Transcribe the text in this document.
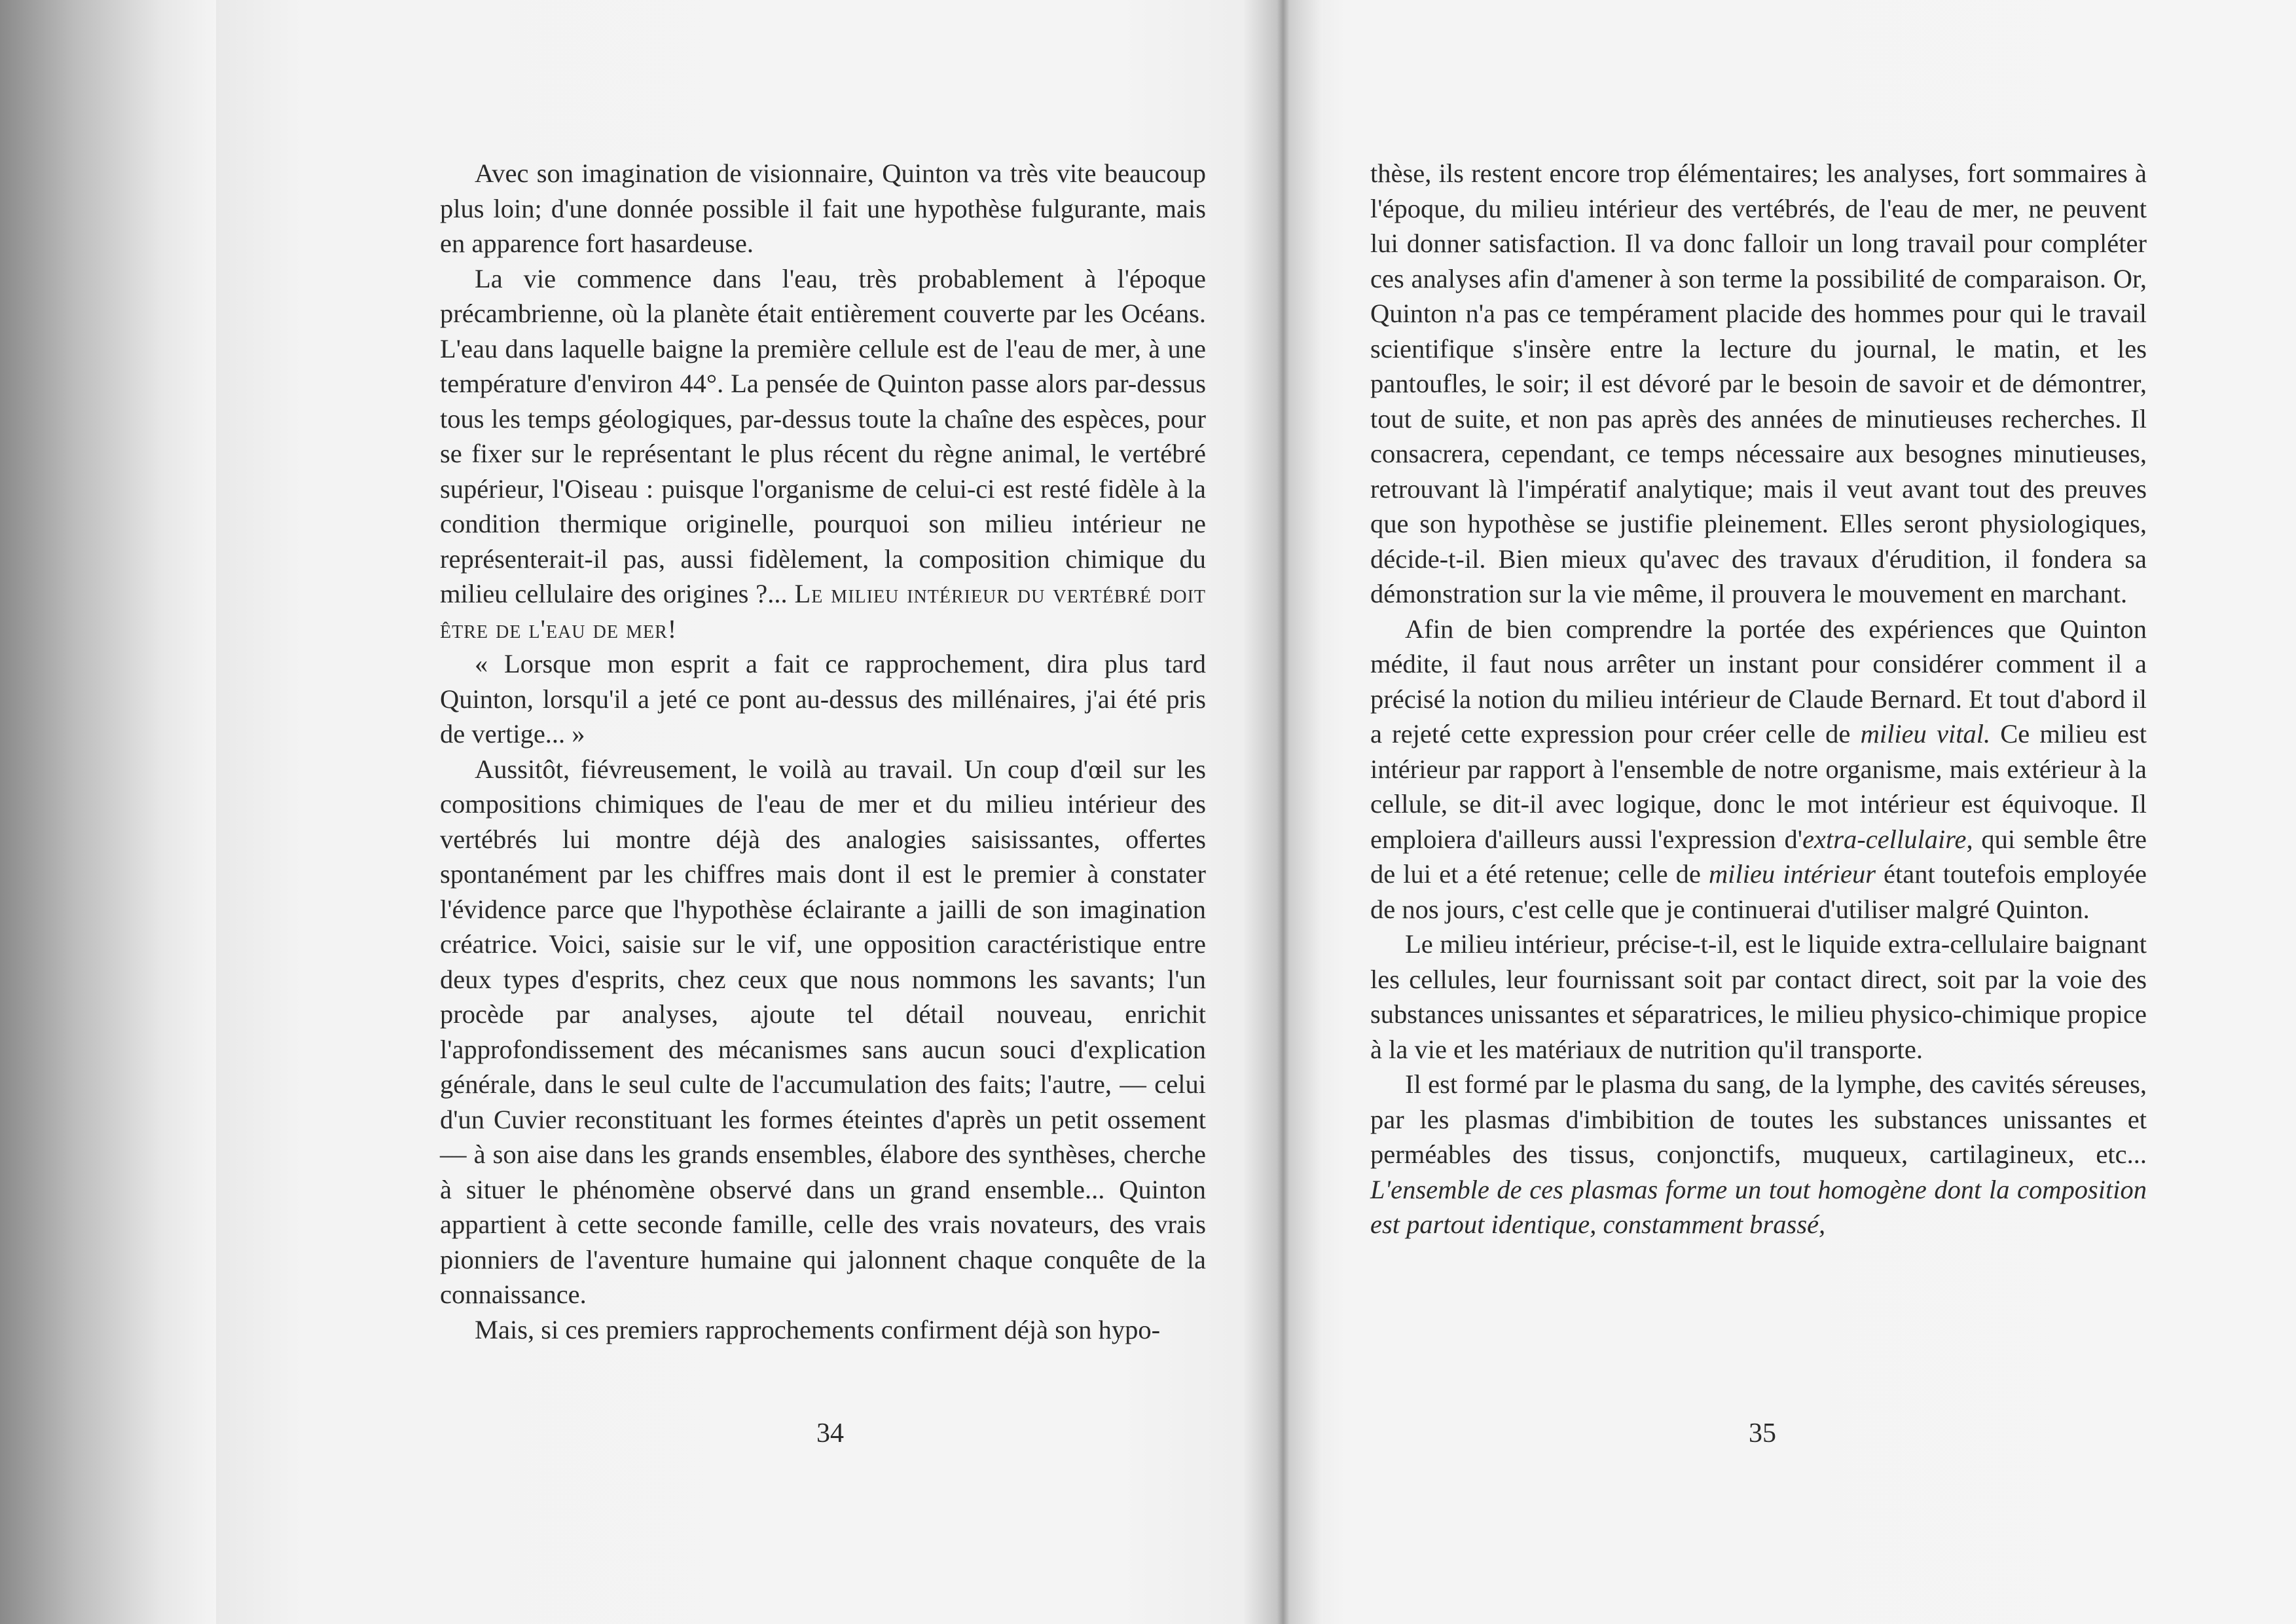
Avec son imagination de visionnaire, Quinton va très vite beaucoup plus loin; d'une donnée possible il fait une hypothèse fulgurante, mais en apparence fort hasardeuse.

La vie commence dans l'eau, très probablement à l'époque précambrienne, où la planète était entièrement couverte par les Océans. L'eau dans laquelle baigne la première cellule est de l'eau de mer, à une température d'environ 44°. La pensée de Quinton passe alors par-dessus tous les temps géologiques, par-dessus toute la chaîne des espèces, pour se fixer sur le représentant le plus récent du règne animal, le vertébré supérieur, l'Oiseau : puisque l'organisme de celui-ci est resté fidèle à la condition thermique originelle, pourquoi son milieu intérieur ne représenterait-il pas, aussi fidèlement, la composition chimique du milieu cellulaire des origines ?... Le milieu intérieur du vertébré doit être de l'eau de mer!

« Lorsque mon esprit a fait ce rapprochement, dira plus tard Quinton, lorsqu'il a jeté ce pont au-dessus des millénaires, j'ai été pris de vertige... »

Aussitôt, fiévreusement, le voilà au travail. Un coup d'œil sur les compositions chimiques de l'eau de mer et du milieu intérieur des vertébrés lui montre déjà des analogies saisissantes, offertes spontanément par les chiffres mais dont il est le premier à constater l'évidence parce que l'hypothèse éclairante a jailli de son imagination créatrice. Voici, saisie sur le vif, une opposition caractéristique entre deux types d'esprits, chez ceux que nous nommons les savants; l'un procède par analyses, ajoute tel détail nouveau, enrichit l'approfondissement des mécanismes sans aucun souci d'explication générale, dans le seul culte de l'accumulation des faits; l'autre, — celui d'un Cuvier reconstituant les formes éteintes d'après un petit ossement — à son aise dans les grands ensembles, élabore des synthèses, cherche à situer le phénomène observé dans un grand ensemble... Quinton appartient à cette seconde famille, celle des vrais novateurs, des vrais pionniers de l'aventure humaine qui jalonnent chaque conquête de la connaissance.

Mais, si ces premiers rapprochements confirment déjà son hypo-

34

thèse, ils restent encore trop élémentaires; les analyses, fort sommaires à l'époque, du milieu intérieur des vertébrés, de l'eau de mer, ne peuvent lui donner satisfaction. Il va donc falloir un long travail pour compléter ces analyses afin d'amener à son terme la possibilité de comparaison. Or, Quinton n'a pas ce tempérament placide des hommes pour qui le travail scientifique s'insère entre la lecture du journal, le matin, et les pantoufles, le soir; il est dévoré par le besoin de savoir et de démontrer, tout de suite, et non pas après des années de minutieuses recherches. Il consacrera, cependant, ce temps nécessaire aux besognes minutieuses, retrouvant là l'impératif analytique; mais il veut avant tout des preuves que son hypothèse se justifie pleinement. Elles seront physiologiques, décide-t-il. Bien mieux qu'avec des travaux d'érudition, il fondera sa démonstration sur la vie même, il prouvera le mouvement en marchant.

Afin de bien comprendre la portée des expériences que Quinton médite, il faut nous arrêter un instant pour considérer comment il a précisé la notion du milieu intérieur de Claude Bernard. Et tout d'abord il a rejeté cette expression pour créer celle de milieu vital. Ce milieu est intérieur par rapport à l'ensemble de notre organisme, mais extérieur à la cellule, se dit-il avec logique, donc le mot intérieur est équivoque. Il emploiera d'ailleurs aussi l'expression d'extra-cellulaire, qui semble être de lui et a été retenue; celle de milieu intérieur étant toutefois employée de nos jours, c'est celle que je continuerai d'utiliser malgré Quinton.

Le milieu intérieur, précise-t-il, est le liquide extra-cellulaire baignant les cellules, leur fournissant soit par contact direct, soit par la voie des substances unissantes et séparatrices, le milieu physico-chimique propice à la vie et les matériaux de nutrition qu'il transporte.

Il est formé par le plasma du sang, de la lymphe, des cavités séreuses, par les plasmas d'imbibition de toutes les substances unissantes et perméables des tissus, conjonctifs, muqueux, cartilagineux, etc... L'ensemble de ces plasmas forme un tout homogène dont la composition est partout identique, constamment brassé,

35
